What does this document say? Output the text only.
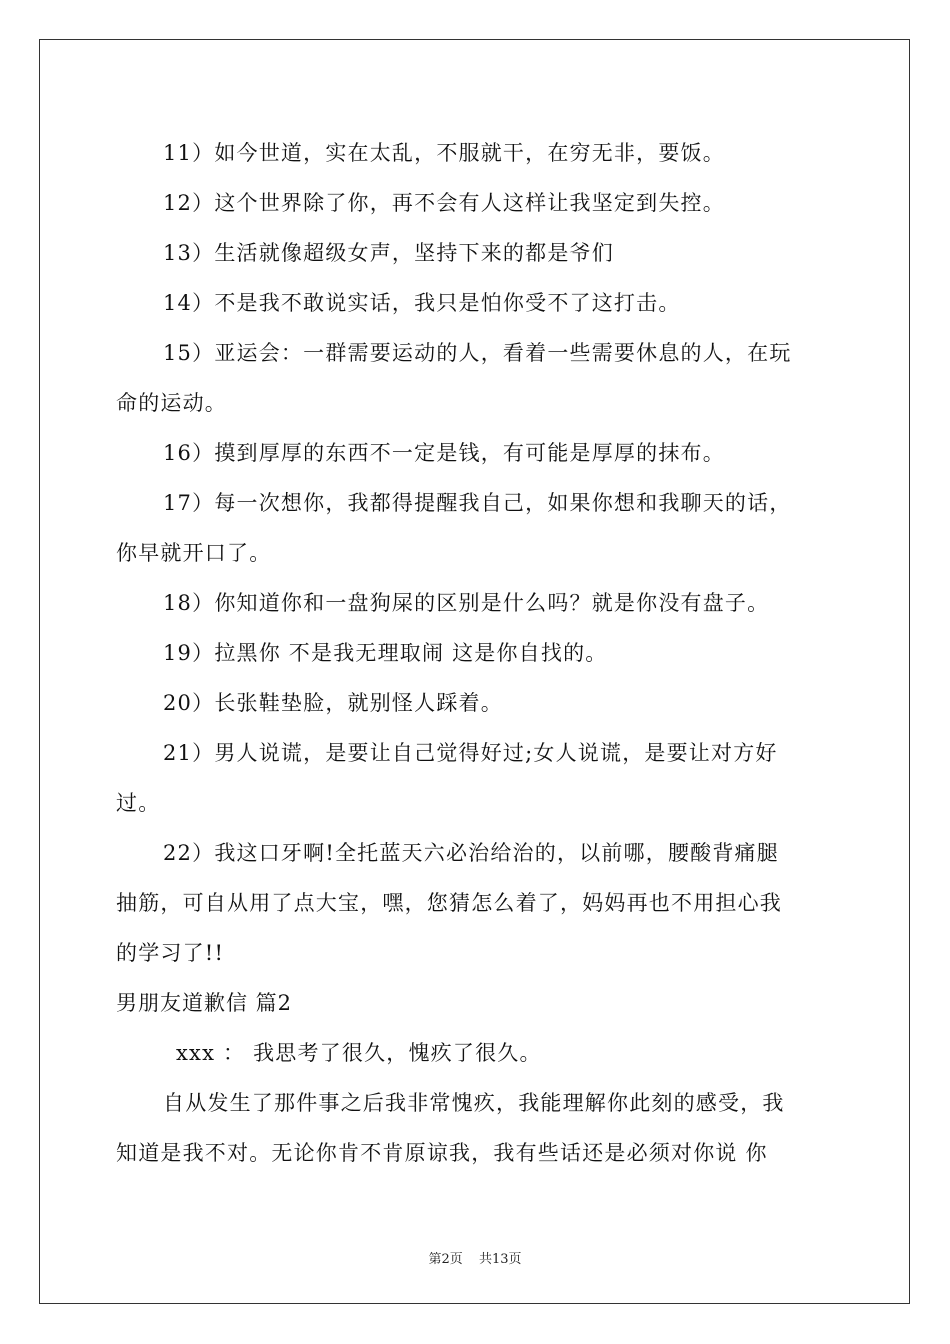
11）如今世道，实在太乱，不服就干，在穷无非，要饭。
12）这个世界除了你，再不会有人这样让我坚定到失控。
13）生活就像超级女声，坚持下来的都是爷们
14）不是我不敢说实话，我只是怕你受不了这打击。
15）亚运会：一群需要运动的人，看着一些需要休息的人，在玩
命的运动。
16）摸到厚厚的东西不一定是钱，有可能是厚厚的抹布。
17）每一次想你，我都得提醒我自己，如果你想和我聊天的话，
你早就开口了。
18）你知道你和一盘狗屎的区别是什么吗？就是你没有盘子。
19）拉黑你 不是我无理取闹 这是你自找的。
20）长张鞋垫脸，就别怪人踩着。
21）男人说谎，是要让自己觉得好过;女人说谎，是要让对方好
过。
22）我这口牙啊!全托蓝天六必治给治的，以前哪，腰酸背痛腿
抽筋，可自从用了点大宝，嘿，您猜怎么着了，妈妈再也不用担心我
的学习了!!
男朋友道歉信 篇2
xxx ： 我思考了很久，愧疚了很久。
自从发生了那件事之后我非常愧疚，我能理解你此刻的感受，我
知道是我不对。无论你肯不肯原谅我，我有些话还是必须对你说 你
第2页 共13页
